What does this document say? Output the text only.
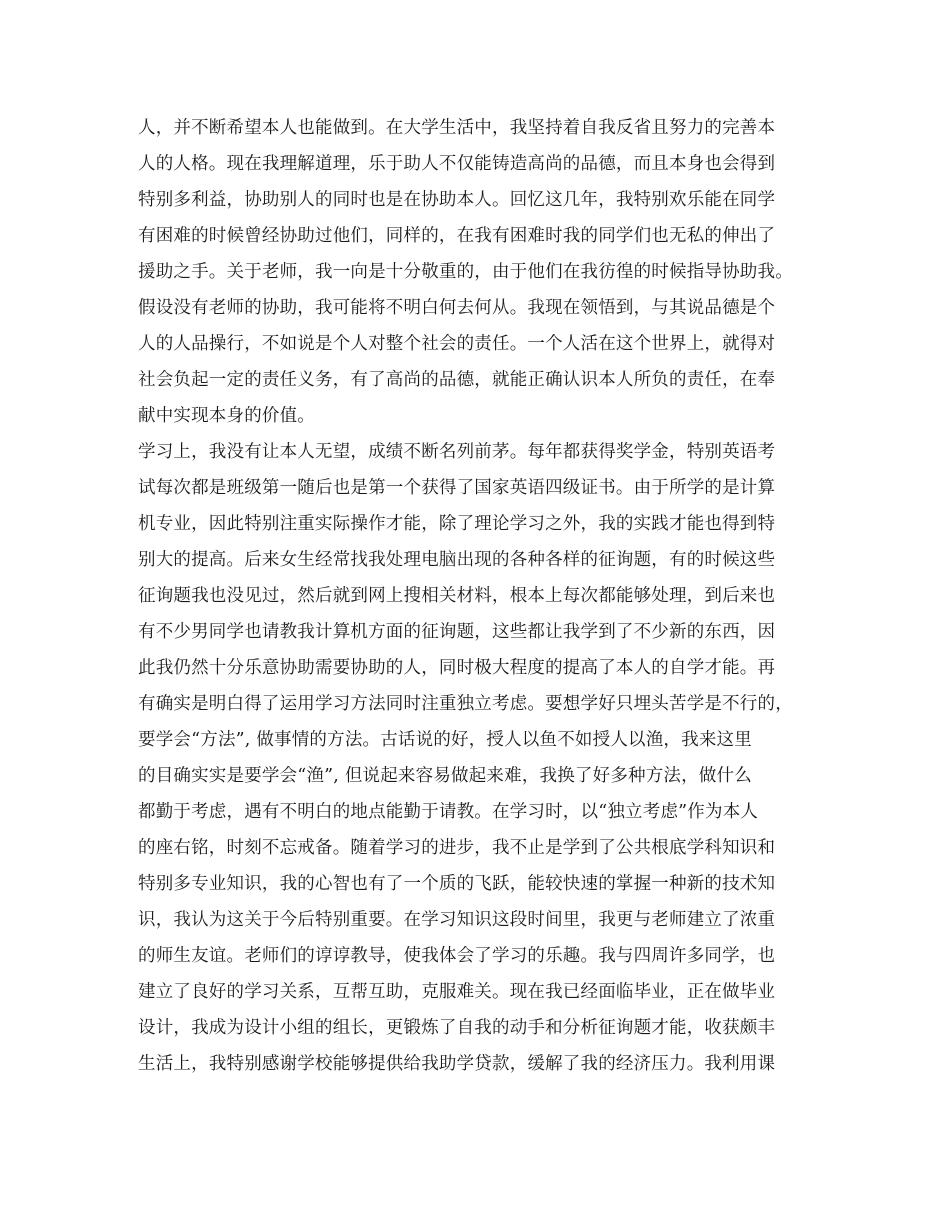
人，并不断希望本人也能做到。在大学生活中，我坚持着自我反省且努力的完善本
人的人格。现在我理解道理，乐于助人不仅能铸造高尚的品德，而且本身也会得到
特别多利益，协助别人的同时也是在协助本人。回忆这几年，我特别欢乐能在同学
有困难的时候曾经协助过他们，同样的，在我有困难时我的同学们也无私的伸出了
援助之手。关于老师，我一向是十分敬重的，由于他们在我彷徨的时候指导协助我。
假设没有老师的协助，我可能将不明白何去何从。我现在领悟到，与其说品德是个
人的人品操行，不如说是个人对整个社会的责任。一个人活在这个世界上，就得对
社会负起一定的责任义务，有了高尚的品德，就能正确认识本人所负的责任，在奉
献中实现本身的价值。
学习上，我没有让本人无望，成绩不断名列前茅。每年都获得奖学金，特别英语考
试每次都是班级第一随后也是第一个获得了国家英语四级证书。由于所学的是计算
机专业，因此特别注重实际操作才能，除了理论学习之外，我的实践才能也得到特
别大的提高。后来女生经常找我处理电脑出现的各种各样的征询题，有的时候这些
征询题我也没见过，然后就到网上搜相关材料，根本上每次都能够处理，到后来也
有不少男同学也请教我计算机方面的征询题，这些都让我学到了不少新的东西，因
此我仍然十分乐意协助需要协助的人，同时极大程度的提高了本人的自学才能。再
有确实是明白得了运用学习方法同时注重独立考虑。要想学好只埋头苦学是不行的，
要学会“方法”, 做事情的方法。古话说的好，授人以鱼不如授人以渔，我来这里
的目确实实是要学会“渔”, 但说起来容易做起来难，我换了好多种方法，做什么
都勤于考虑，遇有不明白的地点能勤于请教。在学习时，以“独立考虑”作为本人
的座右铭，时刻不忘戒备。随着学习的进步，我不止是学到了公共根底学科知识和
特别多专业知识，我的心智也有了一个质的飞跃，能较快速的掌握一种新的技术知
识，我认为这关于今后特别重要。在学习知识这段时间里，我更与老师建立了浓重
的师生友谊。老师们的谆谆教导，使我体会了学习的乐趣。我与四周许多同学，也
建立了良好的学习关系，互帮互助，克服难关。现在我已经面临毕业，正在做毕业
设计，我成为设计小组的组长，更锻炼了自我的动手和分析征询题才能，收获颇丰
生活上，我特别感谢学校能够提供给我助学贷款，缓解了我的经济压力。我利用课
